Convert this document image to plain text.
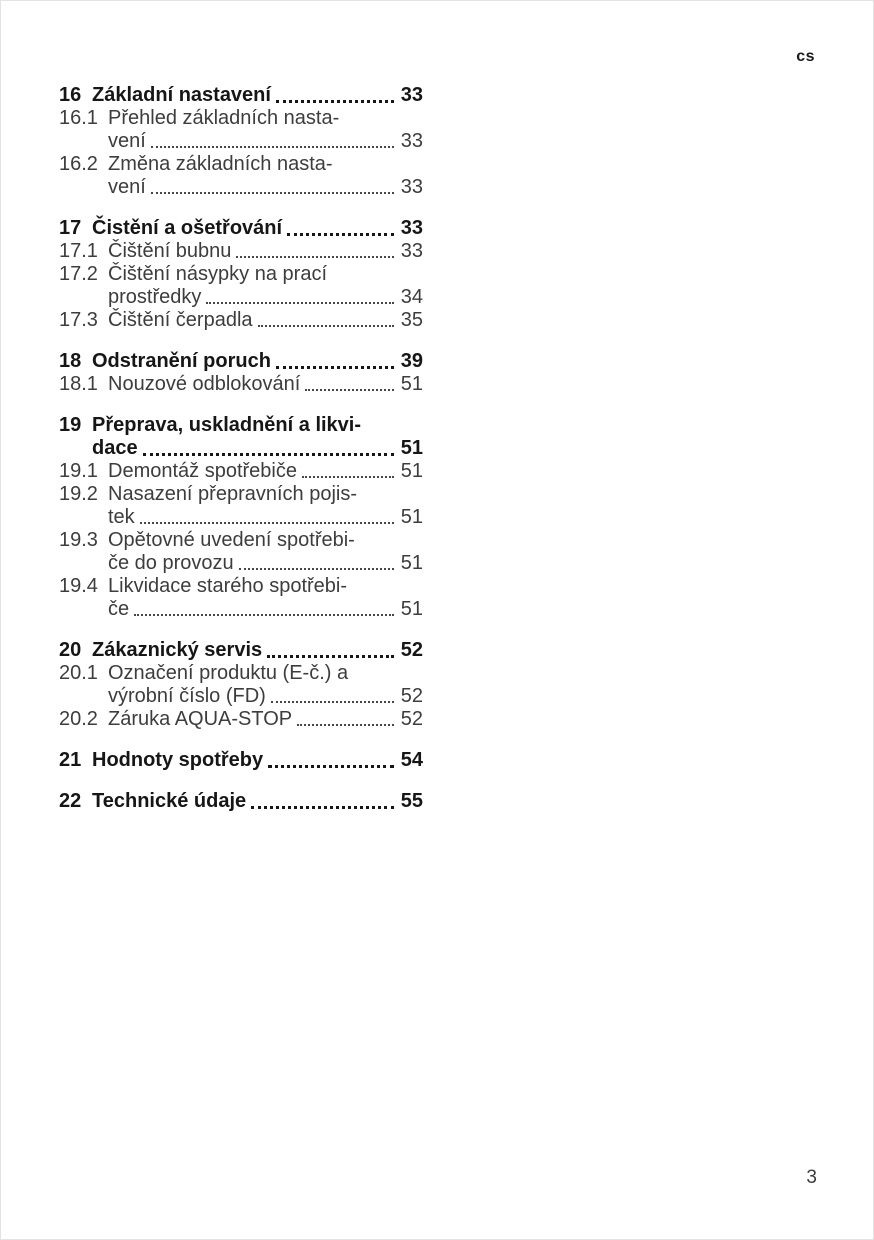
cs
16 Základní nastavení	33
16.1 Přehled základních nasta-
vení	33
16.2 Změna základních nasta-
vení	33
17 Čistění a ošetřování	33
17.1 Čištění bubnu	33
17.2 Čištění násypky na prací
prostředky	34
17.3 Čištění čerpadla	35
18 Odstranění poruch	39
18.1 Nouzové odblokování	51
19 Přeprava, uskladnění a likvi-
dace	51
19.1 Demontáž spotřebiče	51
19.2 Nasazení přepravních pojis-
tek	51
19.3 Opětovné uvedení spotřebi-
če do provozu	51
19.4 Likvidace starého spotřebi-
če	51
20 Zákaznický servis	52
20.1 Označení produktu (E-č.) a
výrobní číslo (FD)	52
20.2 Záruka AQUA-STOP	52
21 Hodnoty spotřeby	54
22 Technické údaje	55
3
